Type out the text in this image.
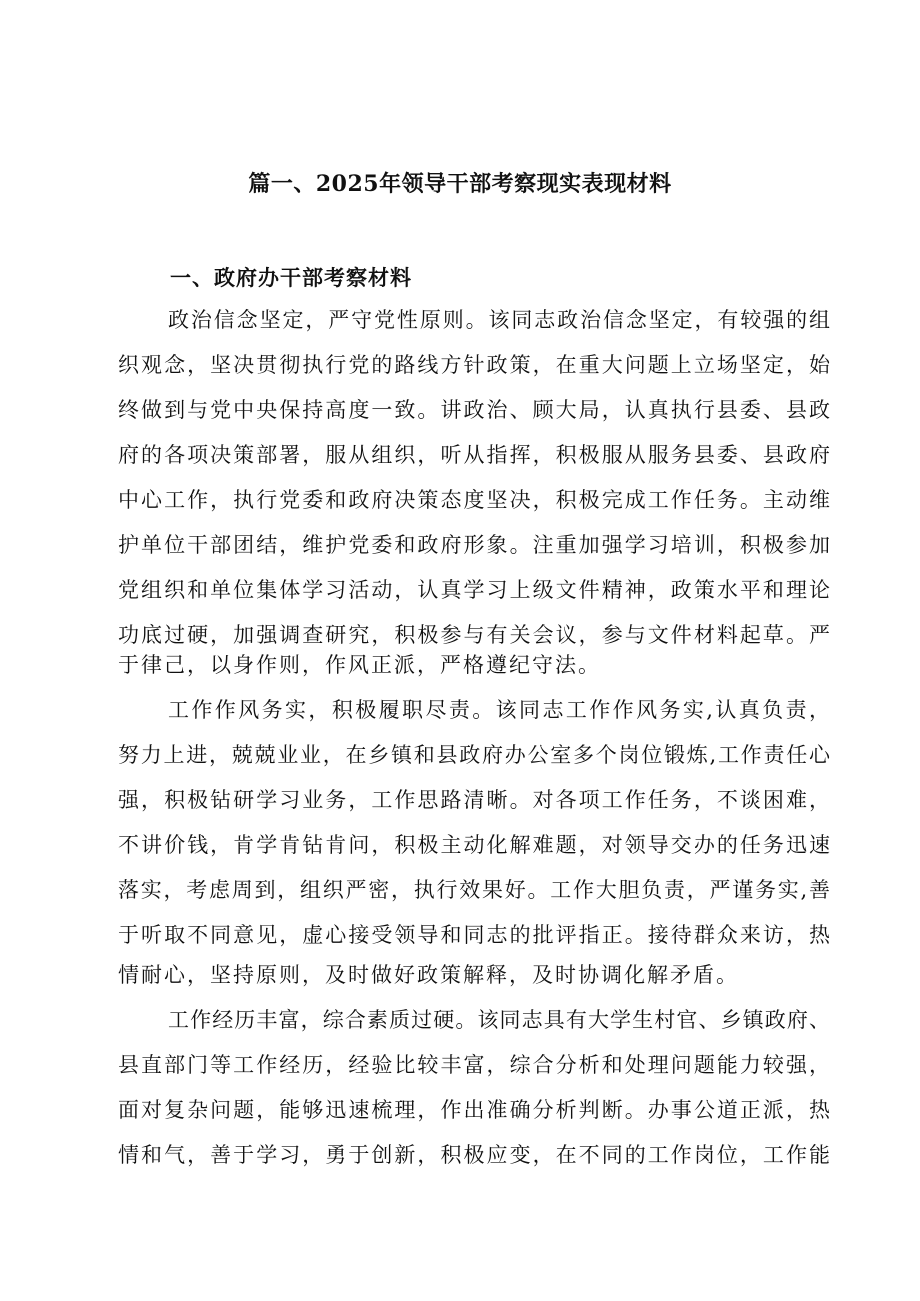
篇一、2025年领导干部考察现实表现材料
一、政府办干部考察材料
政治信念坚定，严守党性原则。该同志政治信念坚定，有较强的组
织观念，坚决贯彻执行党的路线方针政策，在重大问题上立场坚定，始
终做到与党中央保持高度一致。讲政治、顾大局，认真执行县委、县政
府的各项决策部署，服从组织，听从指挥，积极服从服务县委、县政府
中心工作，执行党委和政府决策态度坚决，积极完成工作任务。主动维
护单位干部团结，维护党委和政府形象。注重加强学习培训，积极参加
党组织和单位集体学习活动，认真学习上级文件精神，政策水平和理论
功底过硬，加强调查研究，积极参与有关会议，参与文件材料起草。严
于律己，以身作则，作风正派，严格遵纪守法。
工作作风务实，积极履职尽责。该同志工作作风务实,认真负责，
努力上进，兢兢业业，在乡镇和县政府办公室多个岗位锻炼,工作责任心
强，积极钻研学习业务，工作思路清晰。对各项工作任务，不谈困难，
不讲价钱，肯学肯钻肯问，积极主动化解难题，对领导交办的任务迅速
落实，考虑周到，组织严密，执行效果好。工作大胆负责，严谨务实,善
于听取不同意见，虚心接受领导和同志的批评指正。接待群众来访，热
情耐心，坚持原则，及时做好政策解释，及时协调化解矛盾。
工作经历丰富，综合素质过硬。该同志具有大学生村官、乡镇政府、
县直部门等工作经历，经验比较丰富，综合分析和处理问题能力较强，
面对复杂问题，能够迅速梳理，作出准确分析判断。办事公道正派，热
情和气，善于学习，勇于创新，积极应变，在不同的工作岗位，工作能
